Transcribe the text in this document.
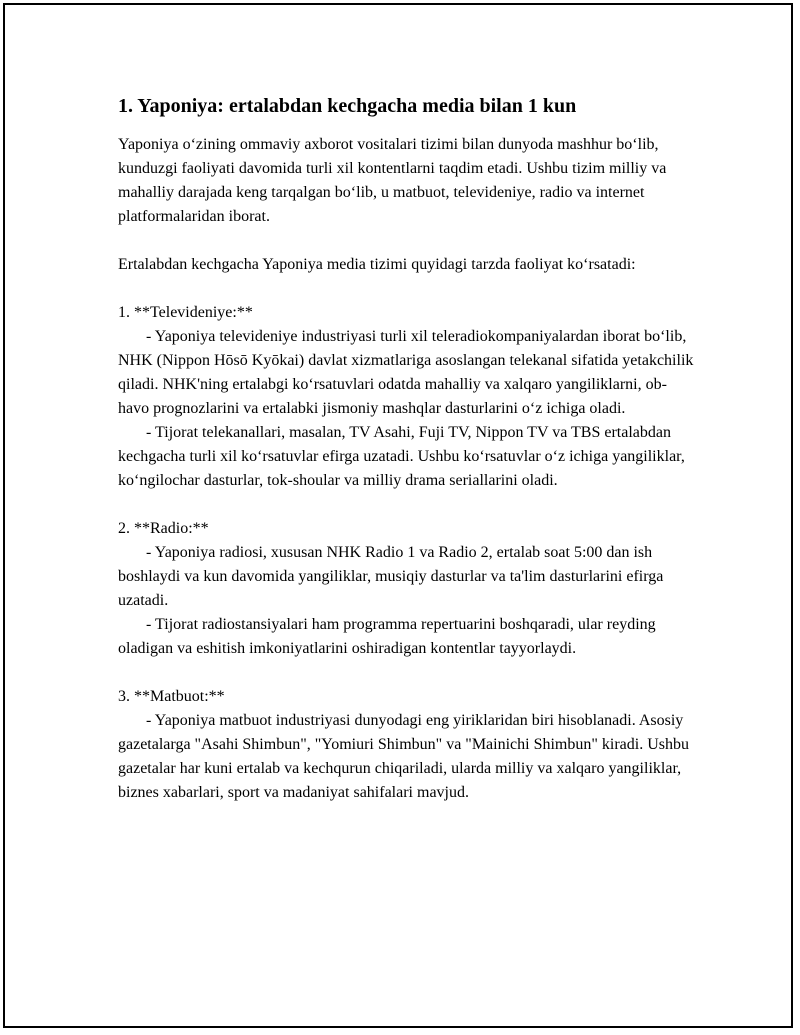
1. Yaponiya: ertalabdan kechgacha media bilan 1 kun

Yaponiya oʻzining ommaviy axborot vositalari tizimi bilan dunyoda mashhur boʻlib, kunduzgi faoliyati davomida turli xil kontentlarni taqdim etadi. Ushbu tizim milliy va mahalliy darajada keng tarqalgan boʻlib, u matbuot, televideniye, radio va internet platformalaridan iborat.

Ertalabdan kechgacha Yaponiya media tizimi quyidagi tarzda faoliyat koʻrsatadi:

1. **Televideniye:**
- Yaponiya televideniye industriyasi turli xil teleradiokompaniyalardan iborat boʻlib, NHK (Nippon Hōsō Kyōkai) davlat xizmatlariga asoslangan telekanal sifatida yetakchilik qiladi. NHK'ning ertalabgi koʻrsatuvlari odatda mahalliy va xalqaro yangiliklarni, ob-havo prognozlarini va ertalabki jismoniy mashqlar dasturlarini oʻz ichiga oladi.
- Tijorat telekanallari, masalan, TV Asahi, Fuji TV, Nippon TV va TBS ertalabdan kechgacha turli xil koʻrsatuvlar efirga uzatadi. Ushbu koʻrsatuvlar oʻz ichiga yangiliklar, koʻngilochar dasturlar, tok-shoular va milliy drama seriallarini oladi.
2. **Radio:**
- Yaponiya radiosi, xususan NHK Radio 1 va Radio 2, ertalab soat 5:00 dan ish boshlaydi va kun davomida yangiliklar, musiqiy dasturlar va ta'lim dasturlarini efirga uzatadi.
- Tijorat radiostansiyalari ham programma repertuarini boshqaradi, ular reyding oladigan va eshitish imkoniyatlarini oshiradigan kontentlar tayyorlaydi.
3. **Matbuot:**
- Yaponiya matbuot industriyasi dunyodagi eng yiriklaridan biri hisoblanadi. Asosiy gazetalarga "Asahi Shimbun", "Yomiuri Shimbun" va "Mainichi Shimbun" kiradi. Ushbu gazetalar har kuni ertalab va kechqurun chiqariladi, ularda milliy va xalqaro yangiliklar, biznes xabarlari, sport va madaniyat sahifalari mavjud.
